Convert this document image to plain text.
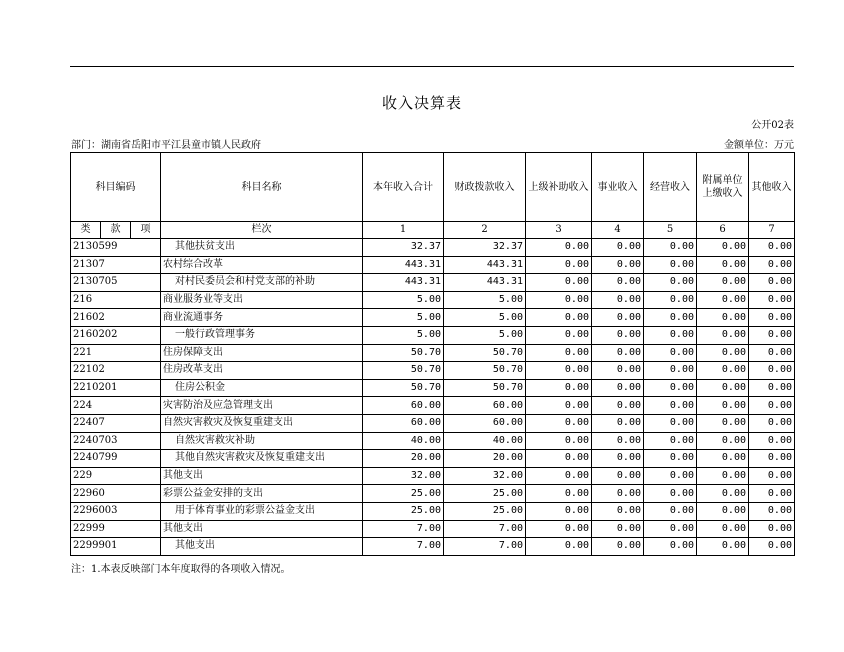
收入决算表
公开02表
部门：湖南省岳阳市平江县童市镇人民政府	金额单位：万元
科目编码			科目名称	本年收入合计	财政拨款收入	上级补助收入	事业收入	经营收入	附属单位上缴收入	其他收入
类	款	项	栏次	1	2	3	4	5	6	7
2130599			其他扶贫支出	32.37	32.37	0.00	0.00	0.00	0.00	0.00
21307			农村综合改革	443.31	443.31	0.00	0.00	0.00	0.00	0.00
2130705			对村民委员会和村党支部的补助	443.31	443.31	0.00	0.00	0.00	0.00	0.00
216			商业服务业等支出	5.00	5.00	0.00	0.00	0.00	0.00	0.00
21602			商业流通事务	5.00	5.00	0.00	0.00	0.00	0.00	0.00
2160202			一般行政管理事务	5.00	5.00	0.00	0.00	0.00	0.00	0.00
221			住房保障支出	50.70	50.70	0.00	0.00	0.00	0.00	0.00
22102			住房改革支出	50.70	50.70	0.00	0.00	0.00	0.00	0.00
2210201			住房公积金	50.70	50.70	0.00	0.00	0.00	0.00	0.00
224			灾害防治及应急管理支出	60.00	60.00	0.00	0.00	0.00	0.00	0.00
22407			自然灾害救灾及恢复重建支出	60.00	60.00	0.00	0.00	0.00	0.00	0.00
2240703			自然灾害救灾补助	40.00	40.00	0.00	0.00	0.00	0.00	0.00
2240799			其他自然灾害救灾及恢复重建支出	20.00	20.00	0.00	0.00	0.00	0.00	0.00
229			其他支出	32.00	32.00	0.00	0.00	0.00	0.00	0.00
22960			彩票公益金安排的支出	25.00	25.00	0.00	0.00	0.00	0.00	0.00
2296003			用于体育事业的彩票公益金支出	25.00	25.00	0.00	0.00	0.00	0.00	0.00
22999			其他支出	7.00	7.00	0.00	0.00	0.00	0.00	0.00
2299901			其他支出	7.00	7.00	0.00	0.00	0.00	0.00	0.00
注：1.本表反映部门本年度取得的各项收入情况。
